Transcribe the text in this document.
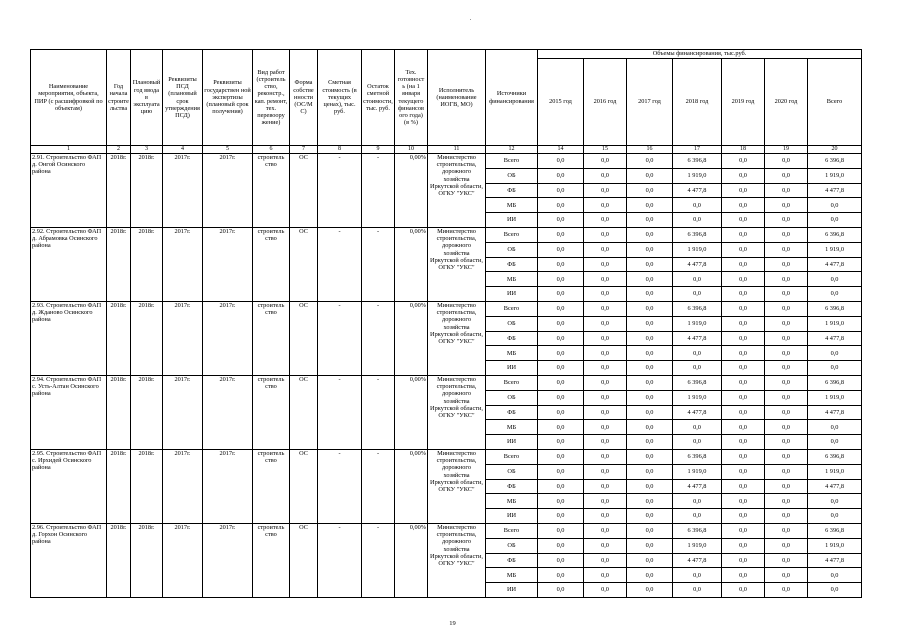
Наименование мероприятия, объекта, ПИР (с расшифровкой по объектам)	Год начала строите льства	Плановый год ввода в эксплуата цию	Реквизиты ПСД (плановый срок утверждения ПСД)	Реквизиты государствен ной экспертизы (плановый срок получения)	Вид работ (строитель ство, реконстр., кап. ремонт, тех. перевоору жение)	Форма собстве нности (ОС/М С)	Сметная стоимость (в текущих ценах), тыс. руб.	Остаток сметной стоимости, тыс. руб.	Тех. готовност ь (на 1 января текущего финансов ого года) (в %)	Исполнитель (наименование ИОГВ, МО)	Источники финансирования	Объемы финансирования, тыс.руб.						
												2015 год	2016 год	2017 год	2018 год	2019 год	2020 год	Всего
1	2	3	4	5	6	7	8	9	10	11	12	14	15	16	17	18	19	20
2.91. Строительство ФАП д. Онгой Осинского района	2018г.	2018г.	2017г.	2017г.	строитель ство	ОС	-	-	0,00%	Министерство строительства, дорожного хозяйства Иркутской области, ОГКУ "УКС"	Всего	0,0	0,0	0,0	6 396,8	0,0	0,0	6 396,8
											ОБ	0,0	0,0	0,0	1 919,0	0,0	0,0	1 919,0
											ФБ	0,0	0,0	0,0	4 477,8	0,0	0,0	4 477,8
											МБ	0,0	0,0	0,0	0,0	0,0	0,0	0,0
											ИИ	0,0	0,0	0,0	0,0	0,0	0,0	0,0
2.92. Строительство ФАП д. Абрамовка Осинского района	2018г.	2018г.	2017г.	2017г.	строитель ство	ОС	-	-	0,00%	Министерство строительства, дорожного хозяйства Иркутской области, ОГКУ "УКС"	Всего	0,0	0,0	0,0	6 396,8	0,0	0,0	6 396,8
											ОБ	0,0	0,0	0,0	1 919,0	0,0	0,0	1 919,0
											ФБ	0,0	0,0	0,0	4 477,8	0,0	0,0	4 477,8
											МБ	0,0	0,0	0,0	0,0	0,0	0,0	0,0
											ИИ	0,0	0,0	0,0	0,0	0,0	0,0	0,0
2.93. Строительство ФАП д. Жданово Осинского района	2018г.	2018г.	2017г.	2017г.	строитель ство	ОС	-	-	0,00%	Министерство строительства, дорожного хозяйства Иркутской области, ОГКУ "УКС"	Всего	0,0	0,0	0,0	6 396,8	0,0	0,0	6 396,8
											ОБ	0,0	0,0	0,0	1 919,0	0,0	0,0	1 919,0
											ФБ	0,0	0,0	0,0	4 477,8	0,0	0,0	4 477,8
											МБ	0,0	0,0	0,0	0,0	0,0	0,0	0,0
											ИИ	0,0	0,0	0,0	0,0	0,0	0,0	0,0
2.94. Строительство ФАП с. Усть-Алтан Осинского района	2018г.	2018г.	2017г.	2017г.	строитель ство	ОС	-	-	0,00%	Министерство строительства, дорожного хозяйства Иркутской области, ОГКУ "УКС"	Всего	0,0	0,0	0,0	6 396,8	0,0	0,0	6 396,8
											ОБ	0,0	0,0	0,0	1 919,0	0,0	0,0	1 919,0
											ФБ	0,0	0,0	0,0	4 477,8	0,0	0,0	4 477,8
											МБ	0,0	0,0	0,0	0,0	0,0	0,0	0,0
											ИИ	0,0	0,0	0,0	0,0	0,0	0,0	0,0
2.95. Строительство ФАП с. Ирхидей Осинского района	2018г.	2018г.	2017г.	2017г.	строитель ство	ОС	-	-	0,00%	Министерство строительства, дорожного хозяйства Иркутской области, ОГКУ "УКС"	Всего	0,0	0,0	0,0	6 396,8	0,0	0,0	6 396,8
											ОБ	0,0	0,0	0,0	1 919,0	0,0	0,0	1 919,0
											ФБ	0,0	0,0	0,0	4 477,8	0,0	0,0	4 477,8
											МБ	0,0	0,0	0,0	0,0	0,0	0,0	0,0
											ИИ	0,0	0,0	0,0	0,0	0,0	0,0	0,0
2.96. Строительство ФАП д. Горхон Осинского района	2018г.	2018г.	2017г.	2017г.	строитель ство	ОС	-	-	0,00%	Министерство строительства, дорожного хозяйства Иркутской области, ОГКУ "УКС"	Всего	0,0	0,0	0,0	6 396,8	0,0	0,0	6 396,8
											ОБ	0,0	0,0	0,0	1 919,0	0,0	0,0	1 919,0
											ФБ	0,0	0,0	0,0	4 477,8	0,0	0,0	4 477,8
											МБ	0,0	0,0	0,0	0,0	0,0	0,0	0,0
											ИИ	0,0	0,0	0,0	0,0	0,0	0,0	0,0
19
